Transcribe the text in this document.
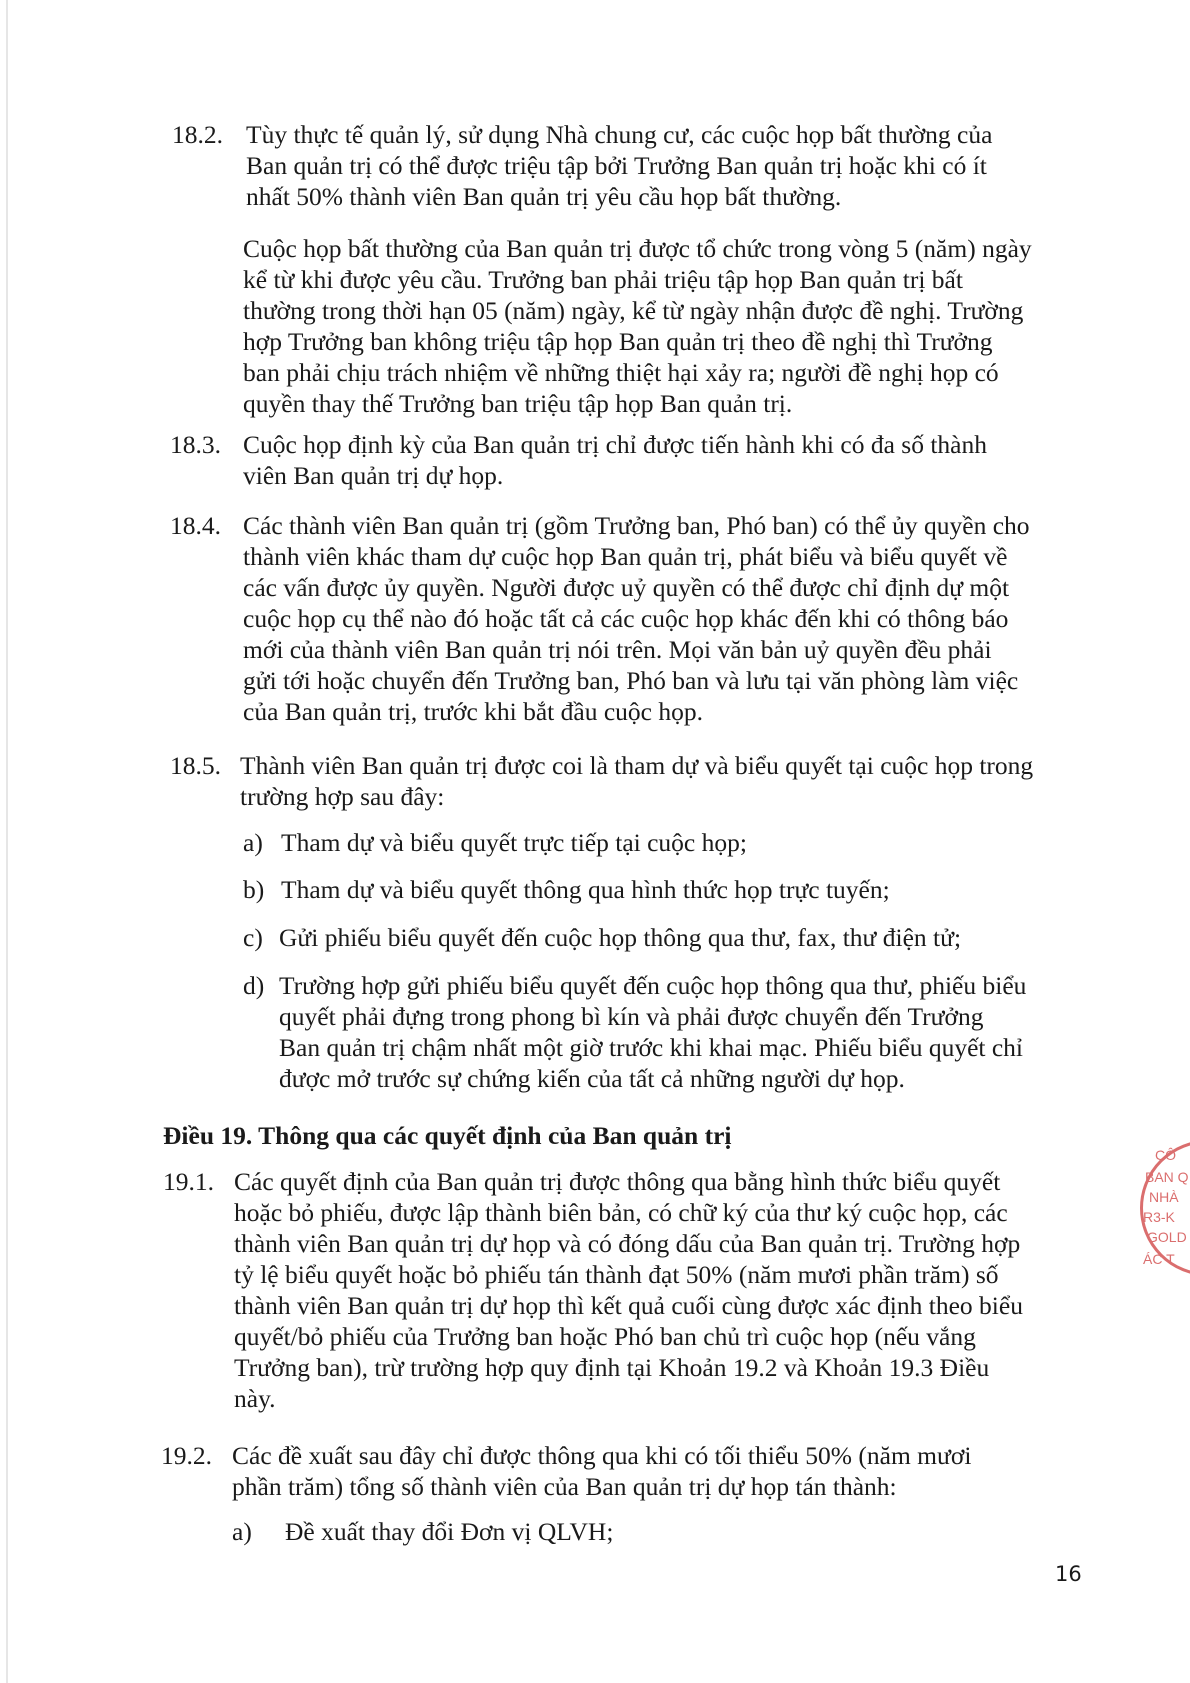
18.2. Tùy thực tế quản lý, sử dụng Nhà chung cư, các cuộc họp bất thường của
Ban quản trị có thể được triệu tập bởi Trưởng Ban quản trị hoặc khi có ít
nhất 50% thành viên Ban quản trị yêu cầu họp bất thường.
Cuộc họp bất thường của Ban quản trị được tổ chức trong vòng 5 (năm) ngày
kể từ khi được yêu cầu. Trưởng ban phải triệu tập họp Ban quản trị bất
thường trong thời hạn 05 (năm) ngày, kể từ ngày nhận được đề nghị. Trường
hợp Trưởng ban không triệu tập họp Ban quản trị theo đề nghị thì Trưởng
ban phải chịu trách nhiệm về những thiệt hại xảy ra; người đề nghị họp có
quyền thay thế Trưởng ban triệu tập họp Ban quản trị.
18.3. Cuộc họp định kỳ của Ban quản trị chỉ được tiến hành khi có đa số thành
viên Ban quản trị dự họp.
18.4. Các thành viên Ban quản trị (gồm Trưởng ban, Phó ban) có thể ủy quyền cho
thành viên khác tham dự cuộc họp Ban quản trị, phát biểu và biểu quyết về
các vấn được ủy quyền. Người được uỷ quyền có thể được chỉ định dự một
cuộc họp cụ thể nào đó hoặc tất cả các cuộc họp khác đến khi có thông báo
mới của thành viên Ban quản trị nói trên. Mọi văn bản uỷ quyền đều phải
gửi tới hoặc chuyển đến Trưởng ban, Phó ban và lưu tại văn phòng làm việc
của Ban quản trị, trước khi bắt đầu cuộc họp.
18.5. Thành viên Ban quản trị được coi là tham dự và biểu quyết tại cuộc họp trong
trường hợp sau đây:
a) Tham dự và biểu quyết trực tiếp tại cuộc họp;
b) Tham dự và biểu quyết thông qua hình thức họp trực tuyến;
c) Gửi phiếu biểu quyết đến cuộc họp thông qua thư, fax, thư điện tử;
d) Trường hợp gửi phiếu biểu quyết đến cuộc họp thông qua thư, phiếu biểu
quyết phải đựng trong phong bì kín và phải được chuyển đến Trưởng
Ban quản trị chậm nhất một giờ trước khi khai mạc. Phiếu biểu quyết chỉ
được mở trước sự chứng kiến của tất cả những người dự họp.
Điều 19. Thông qua các quyết định của Ban quản trị
19.1. Các quyết định của Ban quản trị được thông qua bằng hình thức biểu quyết
hoặc bỏ phiếu, được lập thành biên bản, có chữ ký của thư ký cuộc họp, các
thành viên Ban quản trị dự họp và có đóng dấu của Ban quản trị. Trường hợp
tỷ lệ biểu quyết hoặc bỏ phiếu tán thành đạt 50% (năm mươi phần trăm) số
thành viên Ban quản trị dự họp thì kết quả cuối cùng được xác định theo biểu
quyết/bỏ phiếu của Trưởng ban hoặc Phó ban chủ trì cuộc họp (nếu vắng
Trưởng ban), trừ trường hợp quy định tại Khoản 19.2 và Khoản 19.3 Điều
này.
19.2. Các đề xuất sau đây chỉ được thông qua khi có tối thiểu 50% (năm mươi
phần trăm) tổng số thành viên của Ban quản trị dự họp tán thành:
a) Đề xuất thay đổi Đơn vị QLVH;
16
CÔ
BAN Q
NHÀ
R3-K
GOLD
ÁC T
